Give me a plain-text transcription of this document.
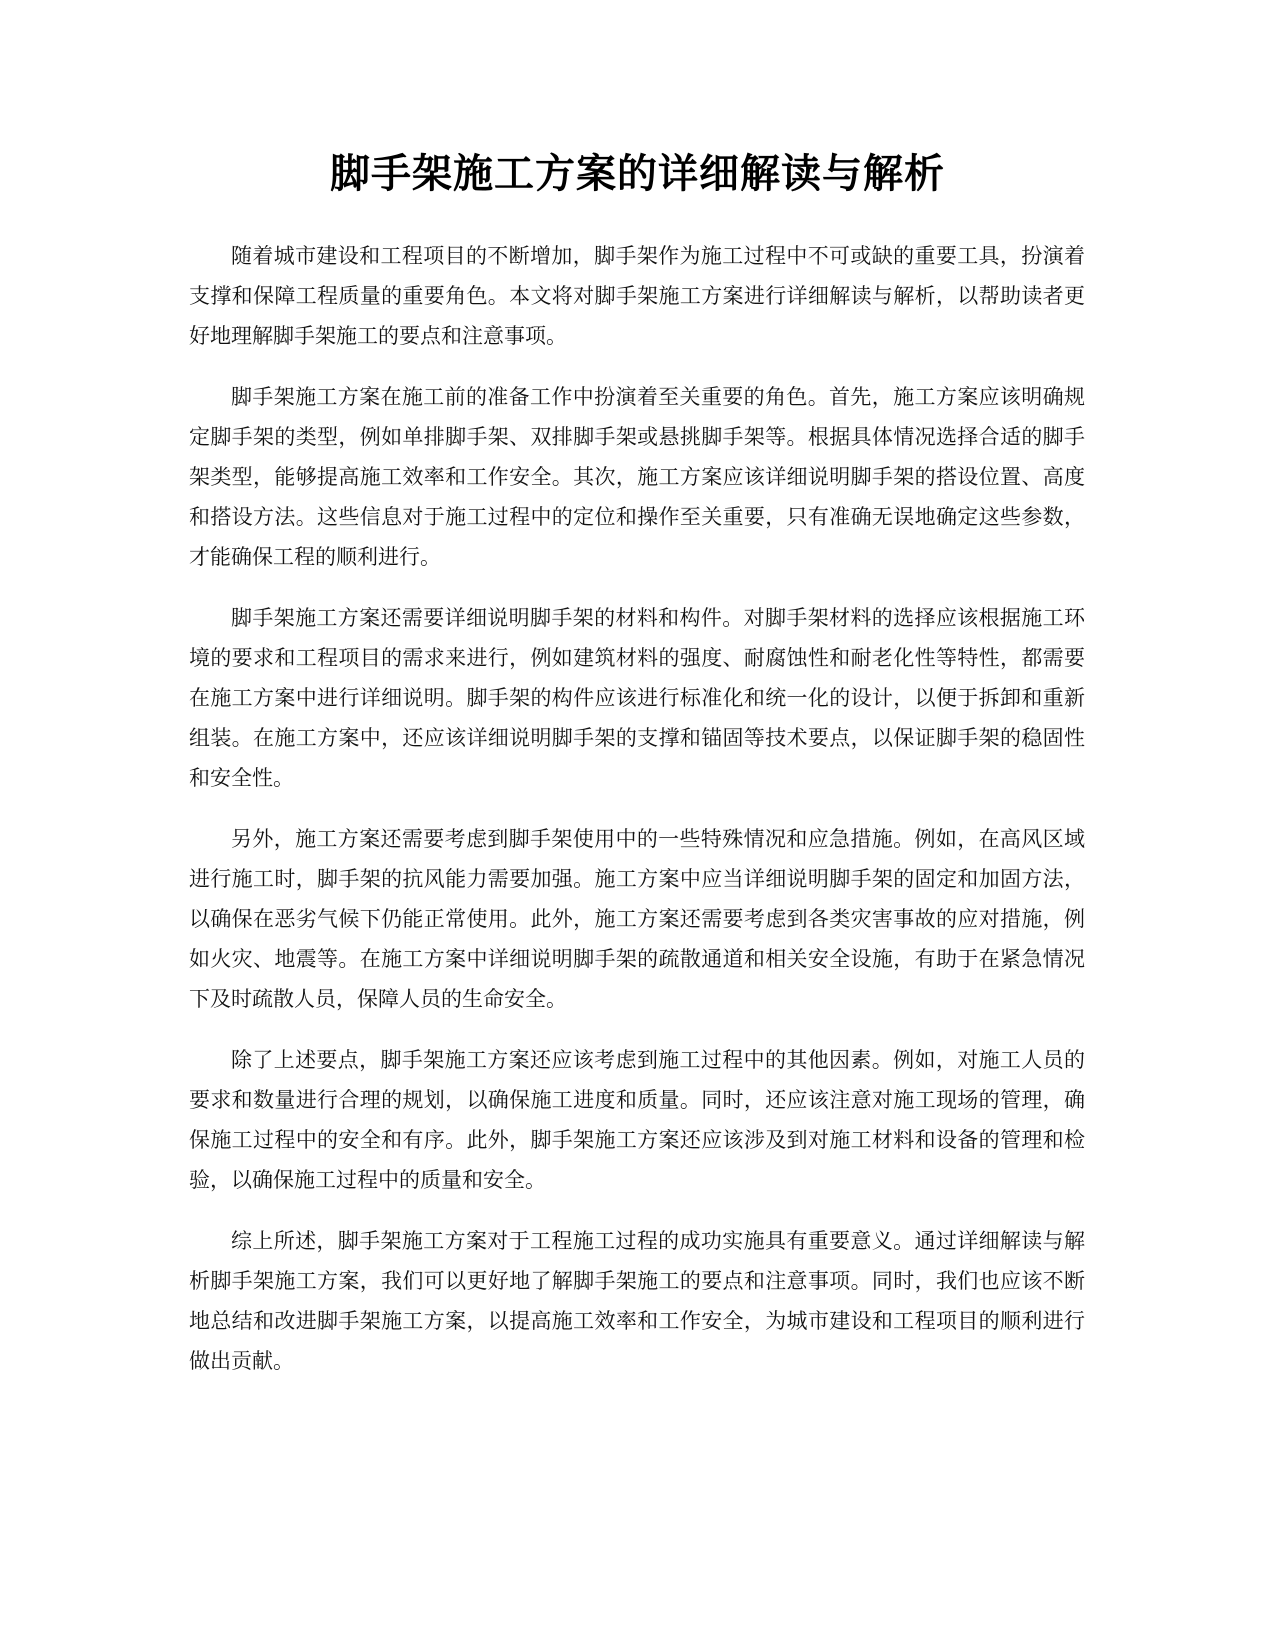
脚手架施工方案的详细解读与解析

随着城市建设和工程项目的不断增加，脚手架作为施工过程中不可或缺的重要工具，扮演着支撑和保障工程质量的重要角色。本文将对脚手架施工方案进行详细解读与解析，以帮助读者更好地理解脚手架施工的要点和注意事项。

脚手架施工方案在施工前的准备工作中扮演着至关重要的角色。首先，施工方案应该明确规定脚手架的类型，例如单排脚手架、双排脚手架或悬挑脚手架等。根据具体情况选择合适的脚手架类型，能够提高施工效率和工作安全。其次，施工方案应该详细说明脚手架的搭设位置、高度和搭设方法。这些信息对于施工过程中的定位和操作至关重要，只有准确无误地确定这些参数，才能确保工程的顺利进行。

脚手架施工方案还需要详细说明脚手架的材料和构件。对脚手架材料的选择应该根据施工环境的要求和工程项目的需求来进行，例如建筑材料的强度、耐腐蚀性和耐老化性等特性，都需要在施工方案中进行详细说明。脚手架的构件应该进行标准化和统一化的设计，以便于拆卸和重新组装。在施工方案中，还应该详细说明脚手架的支撑和锚固等技术要点，以保证脚手架的稳固性和安全性。

另外，施工方案还需要考虑到脚手架使用中的一些特殊情况和应急措施。例如，在高风区域进行施工时，脚手架的抗风能力需要加强。施工方案中应当详细说明脚手架的固定和加固方法，以确保在恶劣气候下仍能正常使用。此外，施工方案还需要考虑到各类灾害事故的应对措施，例如火灾、地震等。在施工方案中详细说明脚手架的疏散通道和相关安全设施，有助于在紧急情况下及时疏散人员，保障人员的生命安全。

除了上述要点，脚手架施工方案还应该考虑到施工过程中的其他因素。例如，对施工人员的要求和数量进行合理的规划，以确保施工进度和质量。同时，还应该注意对施工现场的管理，确保施工过程中的安全和有序。此外，脚手架施工方案还应该涉及到对施工材料和设备的管理和检验，以确保施工过程中的质量和安全。

综上所述，脚手架施工方案对于工程施工过程的成功实施具有重要意义。通过详细解读与解析脚手架施工方案，我们可以更好地了解脚手架施工的要点和注意事项。同时，我们也应该不断地总结和改进脚手架施工方案，以提高施工效率和工作安全，为城市建设和工程项目的顺利进行做出贡献。
